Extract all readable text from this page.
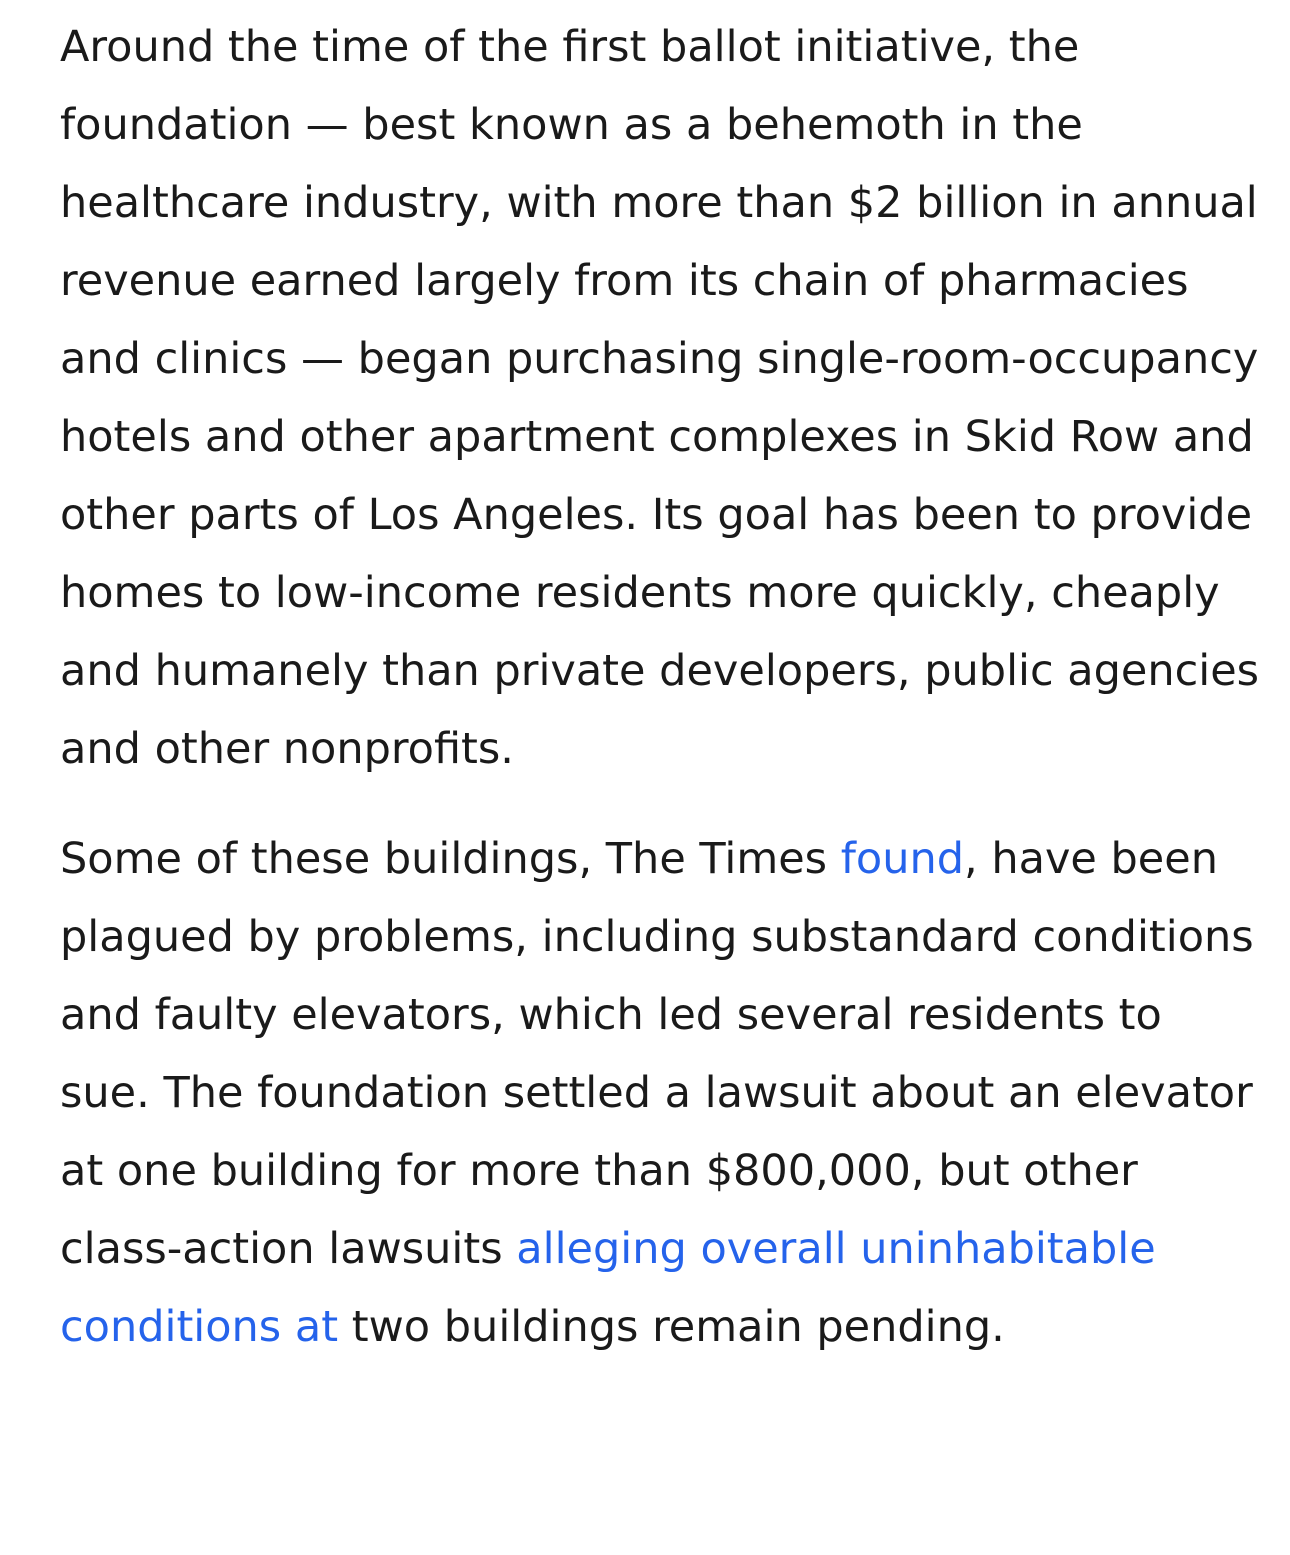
Around the time of the first ballot initiative, the foundation — best known as a behemoth in the healthcare industry, with more than $2 billion in annual revenue earned largely from its chain of pharmacies and clinics — began purchasing single-room-occupancy hotels and other apartment complexes in Skid Row and other parts of Los Angeles. Its goal has been to provide homes to low-income residents more quickly, cheaply and humanely than private developers, public agencies and other nonprofits.

Some of these buildings, The Times found, have been plagued by problems, including substandard conditions and faulty elevators, which led several residents to sue. The foundation settled a lawsuit about an elevator at one building for more than $800,000, but other class-action lawsuits alleging overall uninhabitable conditions at two buildings remain pending.
